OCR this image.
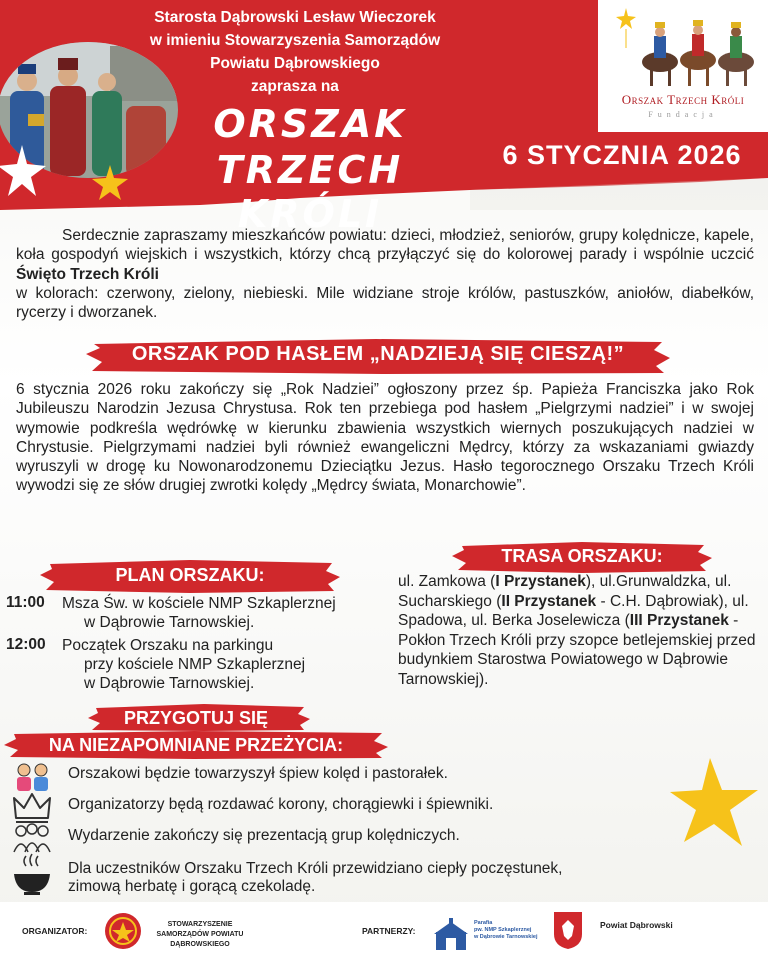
Starosta Dąbrowski Lesław Wieczorek
w imieniu Stowarzyszenia Samorządów
Powiatu Dąbrowskiego
zaprasza na
ORSZAK
TRZECH KRÓLI
6 STYCZNIA 2026
Orszak Trzech Króli
Fundacja
Serdecznie zapraszamy mieszkańców powiatu: dzieci, młodzież, seniorów, grupy kolędnicze, kapele, koła gospodyń wiejskich i wszystkich, którzy chcą przyłączyć się do kolorowej parady i wspólnie uczcić Święto Trzech Króli
w kolorach: czerwony, zielony, niebieski. Mile widziane stroje królów, pastuszków, aniołów, diabełków, rycerzy i dworzanek.
ORSZAK POD HASŁEM „NADZIEJĄ SIĘ CIESZĄ!”
6 stycznia 2026 roku zakończy się „Rok Nadziei” ogłoszony przez śp. Papieża Franciszka jako Rok Jubileuszu Narodzin Jezusa Chrystusa. Rok ten przebiega pod hasłem „Pielgrzymi nadziei” i w swojej wymowie podkreśla wędrówkę w kierunku zbawienia wszystkich wiernych poszukujących nadziei w Chrystusie. Pielgrzymami nadziei byli również ewangeliczni Mędrcy, którzy za wskazaniami gwiazdy wyruszyli w drogę ku Nowonarodzonemu Dzieciątku Jezus. Hasło tegorocznego Orszaku Trzech Króli wywodzi się ze słów drugiej zwrotki kolędy „Mędrcy świata, Monarchowie”.
PLAN ORSZAKU:
11:00 Msza Św. w kościele NMP Szkaplerznej
w Dąbrowie Tarnowskiej.
12:00 Początek Orszaku na parkingu
przy kościele NMP Szkaplerznej
w Dąbrowie Tarnowskiej.
TRASA ORSZAKU:
ul. Zamkowa (I Przystanek), ul.Grunwaldzka, ul. Sucharskiego (II Przystanek - C.H. Dąbrowiak), ul. Spadowa, ul. Berka Joselewicza (III Przystanek - Pokłon Trzech Króli przy szopce betlejemskiej przed budynkiem Starostwa Powiatowego w Dąbrowie Tarnowskiej).
PRZYGOTUJ SIĘ
NA NIEZAPOMNIANE PRZEŻYCIA:
Orszakowi będzie towarzyszył śpiew kolęd i pastorałek.
Organizatorzy będą rozdawać korony, chorągiewki i śpiewniki.
Wydarzenie zakończy się prezentacją grup kolędniczych.
Dla uczestników Orszaku Trzech Króli przewidziano ciepły poczęstunek,
zimową herbatę i gorącą czekoladę.
ORGANIZATOR:
STOWARZYSZENIE
SAMORZĄDÓW POWIATU
DĄBROWSKIEGO
PARTNERZY:
Parafia
pw. NMP Szkaplerznej
w Dąbrowie Tarnowskiej
Powiat Dąbrowski
